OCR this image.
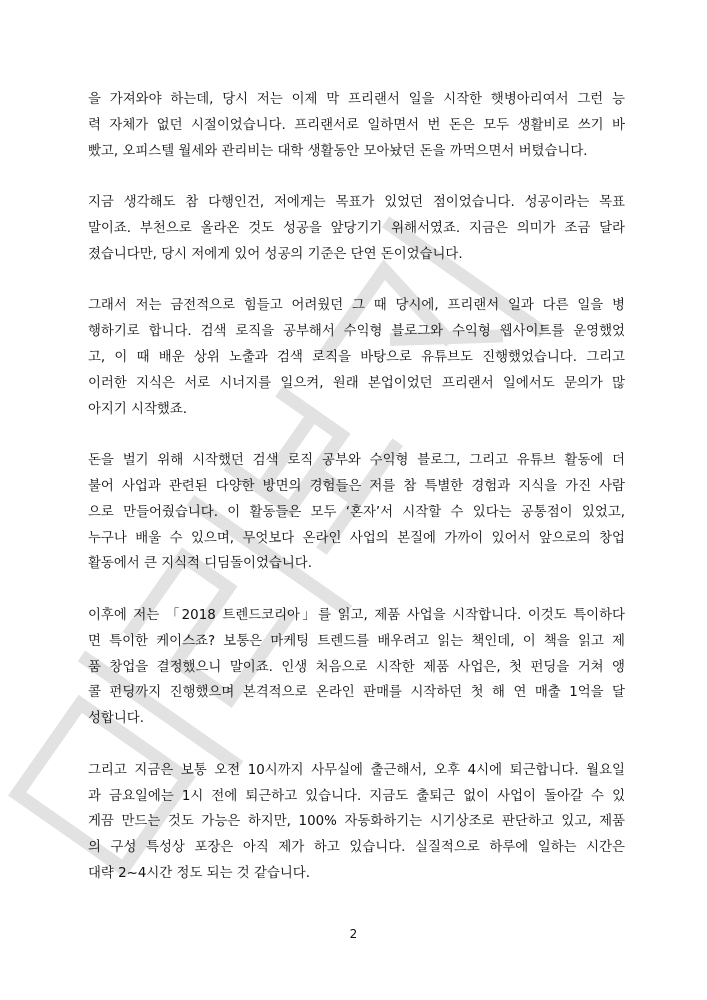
을 가져와야 하는데, 당시 저는 이제 막 프리랜서 일을 시작한 햇병아리여서 그런 능
력 자체가 없던 시절이었습니다. 프리랜서로 일하면서 번 돈은 모두 생활비로 쓰기 바
빴고, 오피스텔 월세와 관리비는 대학 생활동안 모아놨던 돈을 까먹으면서 버텼습니다.
지금 생각해도 참 다행인건, 저에게는 목표가 있었던 점이었습니다. 성공이라는 목표
말이죠. 부천으로 올라온 것도 성공을 앞당기기 위해서였죠. 지금은 의미가 조금 달라
졌습니다만, 당시 저에게 있어 성공의 기준은 단연 돈이었습니다.
그래서 저는 금전적으로 힘들고 어려웠던 그 때 당시에, 프리랜서 일과 다른 일을 병
행하기로 합니다. 검색 로직을 공부해서 수익형 블로그와 수익형 웹사이트를 운영했었
고, 이 때 배운 상위 노출과 검색 로직을 바탕으로 유튜브도 진행했었습니다. 그리고
이러한 지식은 서로 시너지를 일으켜, 원래 본업이었던 프리랜서 일에서도 문의가 많
아지기 시작했죠.
돈을 벌기 위해 시작했던 검색 로직 공부와 수익형 블로그, 그리고 유튜브 활동에 더
불어 사업과 관련된 다양한 방면의 경험들은 저를 참 특별한 경험과 지식을 가진 사람
으로 만들어줬습니다. 이 활동들은 모두 ‘혼자’서 시작할 수 있다는 공통점이 있었고,
누구나 배울 수 있으며, 무엇보다 온라인 사업의 본질에 가까이 있어서 앞으로의 창업
활동에서 큰 지식적 디딤돌이었습니다.
이후에 저는 「2018 트렌드코리아」를 읽고, 제품 사업을 시작합니다. 이것도 특이하다
면 특이한 케이스죠? 보통은 마케팅 트렌드를 배우려고 읽는 책인데, 이 책을 읽고 제
품 창업을 결정했으니 말이죠. 인생 처음으로 시작한 제품 사업은, 첫 펀딩을 거쳐 앵
콜 펀딩까지 진행했으며 본격적으로 온라인 판매를 시작하던 첫 해 연 매출 1억을 달
성합니다.
그리고 지금은 보통 오전 10시까지 사무실에 출근해서, 오후 4시에 퇴근합니다. 월요일
과 금요일에는 1시 전에 퇴근하고 있습니다. 지금도 출퇴근 없이 사업이 돌아갈 수 있
게끔 만드는 것도 가능은 하지만, 100% 자동화하기는 시기상조로 판단하고 있고, 제품
의 구성 특성상 포장은 아직 제가 하고 있습니다. 실질적으로 하루에 일하는 시간은
대략 2~4시간 정도 되는 것 같습니다.
2
